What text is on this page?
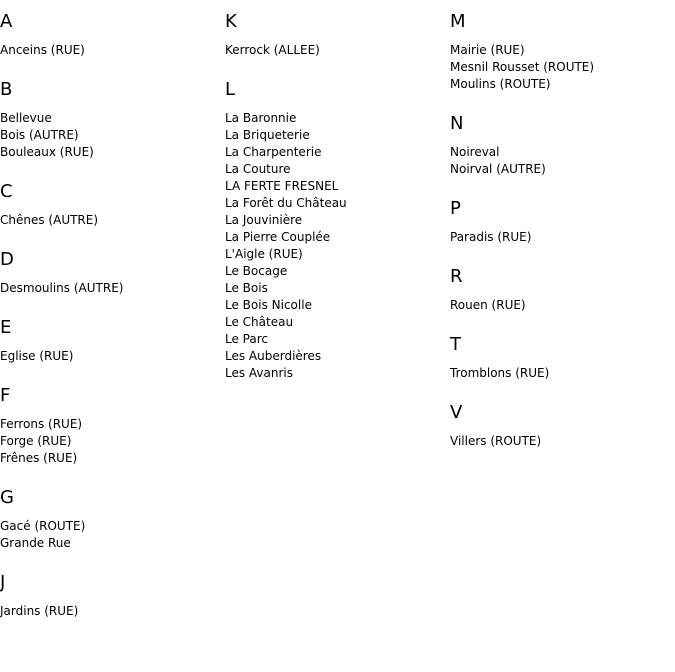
A
Anceins (RUE)
B
Bellevue
Bois (AUTRE)
Bouleaux (RUE)
C
Chênes (AUTRE)
D
Desmoulins (AUTRE)
E
Eglise (RUE)
F
Ferrons (RUE)
Forge (RUE)
Frênes (RUE)
G
Gacé (ROUTE)
Grande Rue
J
Jardins (RUE)
K
Kerrock (ALLEE)
L
La Baronnie
La Briqueterie
La Charpenterie
La Couture
LA FERTE FRESNEL
La Forêt du Château
La Jouvinière
La Pierre Couplée
L'Aigle (RUE)
Le Bocage
Le Bois
Le Bois Nicolle
Le Château
Le Parc
Les Auberdières
Les Avanris
M
Mairie (RUE)
Mesnil Rousset (ROUTE)
Moulins (ROUTE)
N
Noireval
Noirval (AUTRE)
P
Paradis (RUE)
R
Rouen (RUE)
T
Tromblons (RUE)
V
Villers (ROUTE)
